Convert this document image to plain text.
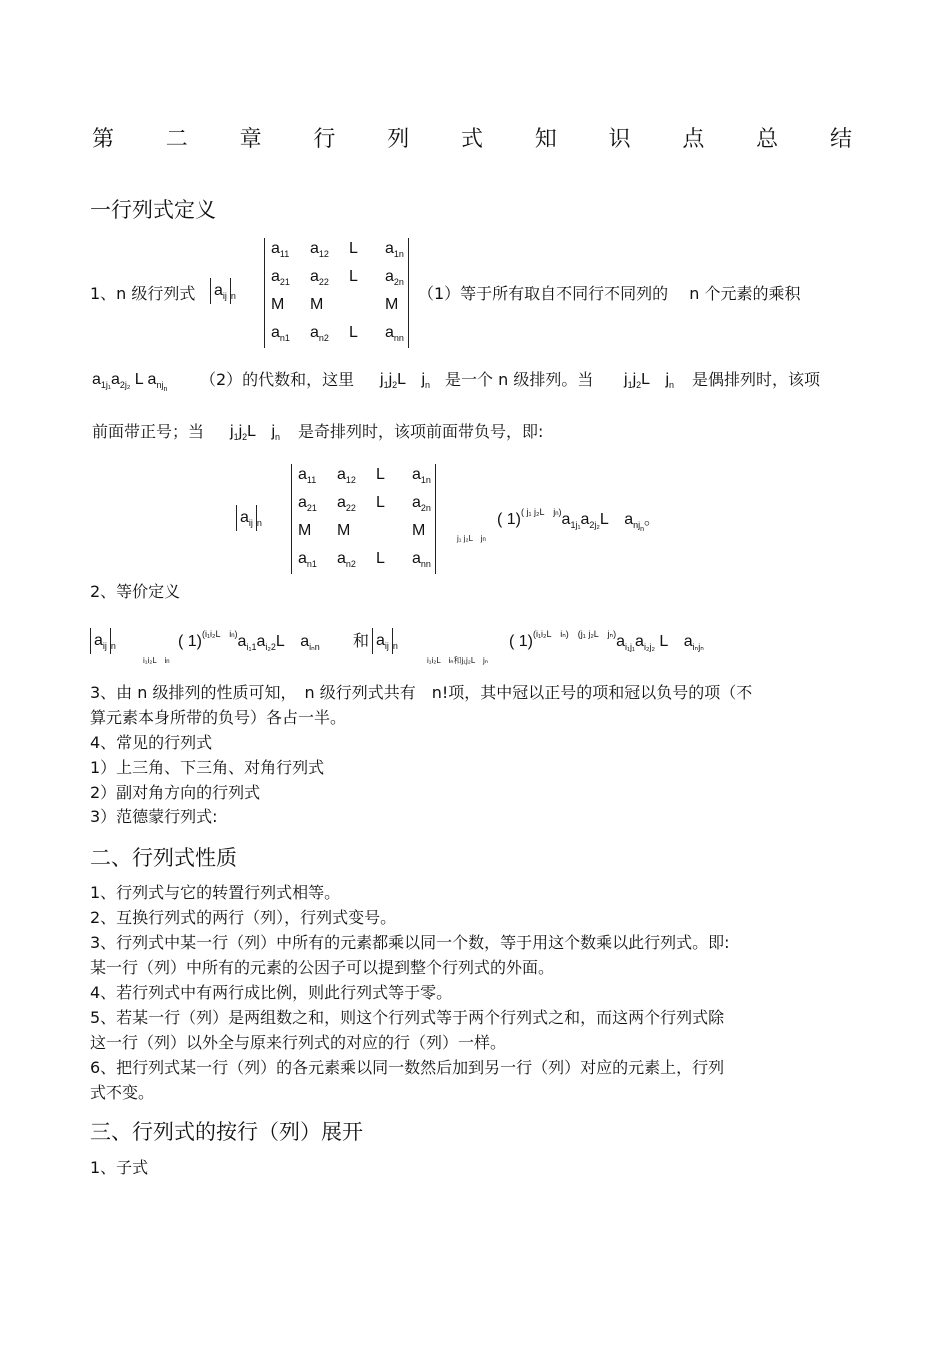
第 二 章 行 列 式 知 识 点 总 结
一行列式定义
1、n 级行列式 $a_{ij}$ $_n$
$a_{11}$ $a_{12}$ L $a_{1n}$
$a_{21}$ $a_{22}$ L $a_{2n}$
M M	M
$a_{n1}$ $a_{n2}$ L $a_{nn}$
（1）等于所有取自不同行不同列的　 n 个元素的乘积
$a_{1j_1}a_{2j_2}$ L $a_{nj_n}$
（2）的代数和，这里 $j_1j_2L$　$j_n$ 是一个 n 级排列。当 $j_1j_2L$　$j_n$ 是偶排列时，该项
前面带正号；当 $j_1j_2L$　$j_n$ 是奇排列时，该项前面带负号，即:
$a_{ij}$ $_n$
$a_{11}$ $a_{12}$ L $a_{1n}$
$a_{21}$ $a_{22}$ L $a_{2n}$
M M	M
$a_{n1}$ $a_{n2}$ L $a_{nn}$
j₁ j₂L　jn
( $1)^{( j_1 j_2L jn)}a_{1j_1}a_{2j_2}L$　$a_{nj_n}$。
2、等价定义
$a_{ij}$ $_n$
i₁i₂L　in
( $1)^{(i_1i_2L in)}a_{i_11}a_{i_22}L$　$a_{i_nn}$ 和 $a_{ij}$ $_n$
i₁i₂L　iₙ和j₁j₂L　jₙ
( $1)^{(i_1i_2L i_n) (j_1 j_2L j_n)}a_{i_1j_1}a_{i_2j_2}$ L　$a_{i_nj_n}$
3、由 n 级排列的性质可知，　n 级行列式共有　n!项，其中冠以正号的项和冠以负号的项（不
算元素本身所带的负号）各占一半。
4、常见的行列式
1）上三角、下三角、对角行列式
2）副对角方向的行列式
3）范德蒙行列式:
二、行列式性质
1、行列式与它的转置行列式相等。
2、互换行列式的两行（列），行列式变号。
3、行列式中某一行（列）中所有的元素都乘以同一个数，等于用这个数乘以此行列式。即:
某一行（列）中所有的元素的公因子可以提到整个行列式的外面。
4、若行列式中有两行成比例，则此行列式等于零。
5、若某一行（列）是两组数之和，则这个行列式等于两个行列式之和，而这两个行列式除
这一行（列）以外全与原来行列式的对应的行（列）一样。
6、把行列式某一行（列）的各元素乘以同一数然后加到另一行（列）对应的元素上，行列
式不变。
三、行列式的按行（列）展开
1、子式
